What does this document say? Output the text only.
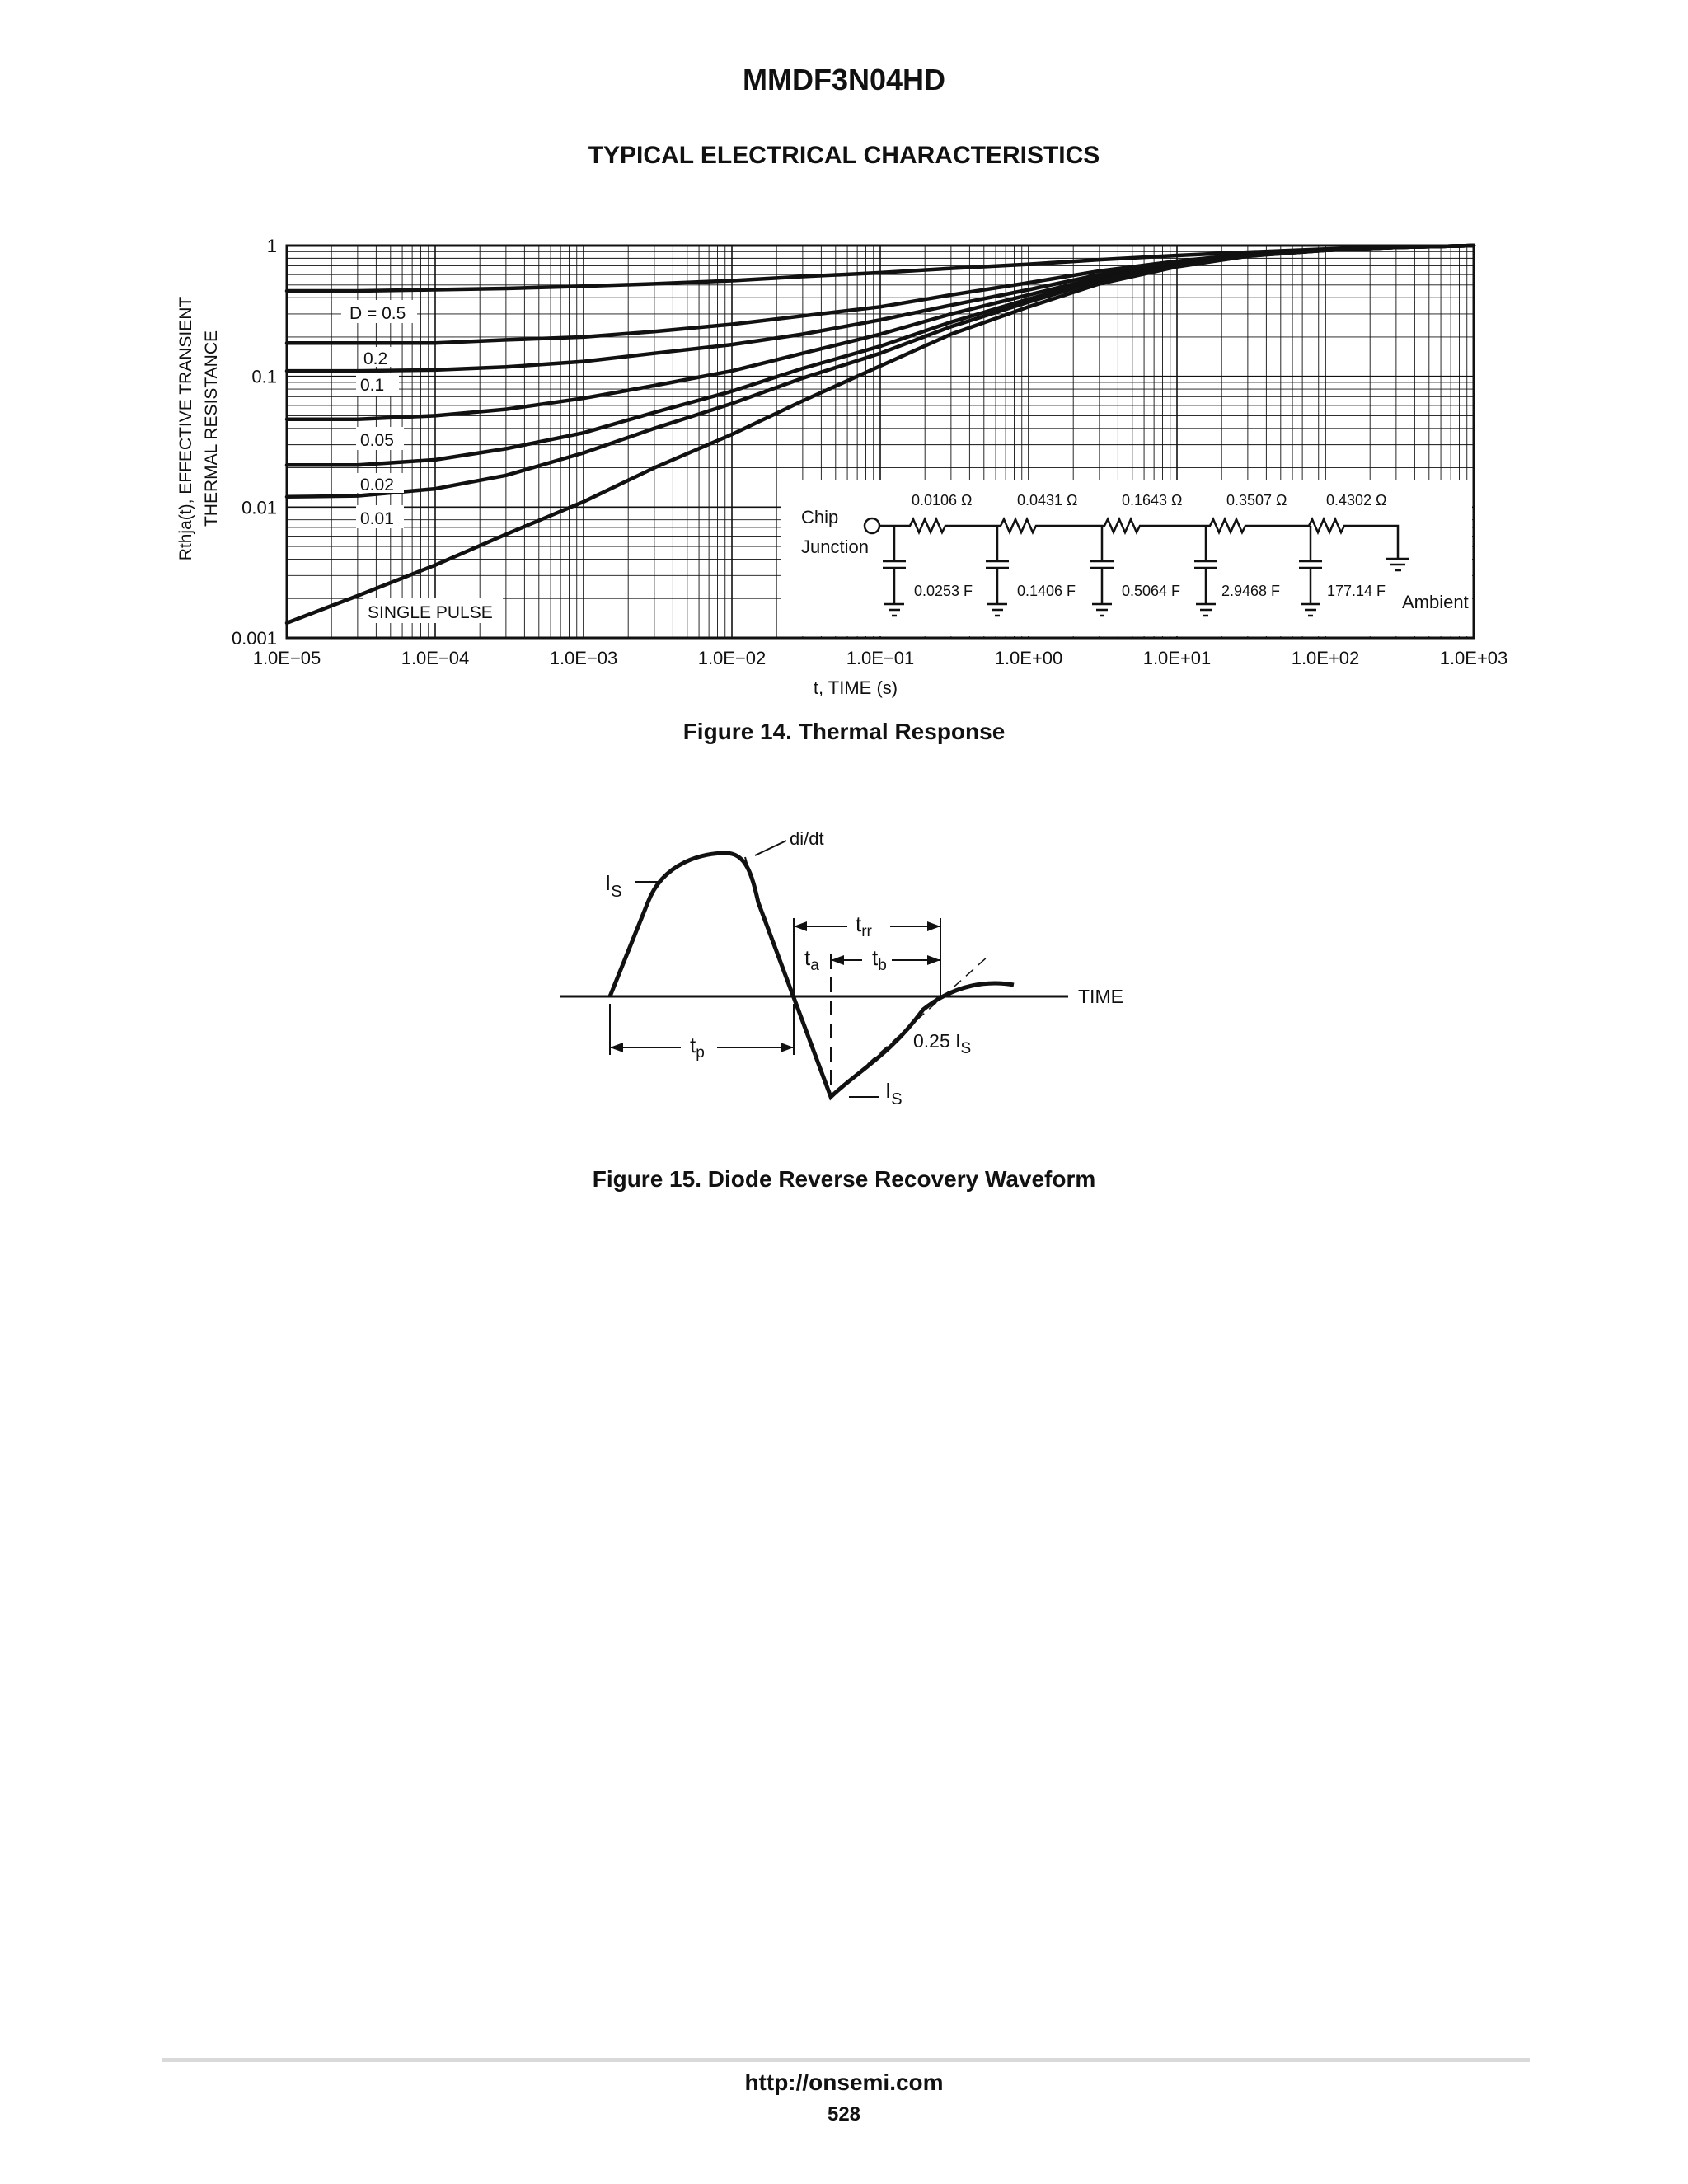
MMDF3N04HD
TYPICAL ELECTRICAL CHARACTERISTICS
Rthja(t), EFFECTIVE TRANSIENT THERMAL RESISTANCE
0.001
0.01
0.1
1
1.0E−05	1.0E−04	1.0E−03	1.0E−02	1.0E−01	1.0E+00	1.0E+01	1.0E+02	1.0E+03
D = 0.5
0.2
0.1
0.05
0.02
0.01
SINGLE PULSE
t, TIME (s)
Chip
Junction
Ambient
0.0106 Ω	0.0431 Ω	0.1643 Ω	0.3507 Ω	0.4302 Ω
0.0253 F	0.1406 F	0.5064 F	2.9468 F	177.14 F
Figure 14. Thermal Response
$I_S$
di/dt
$t_{rr}$
$t_a$ $t_b$
$t_p$
TIME
0.25 $I_S$
$I_S$
Figure 15. Diode Reverse Recovery Waveform
http://onsemi.com
528
